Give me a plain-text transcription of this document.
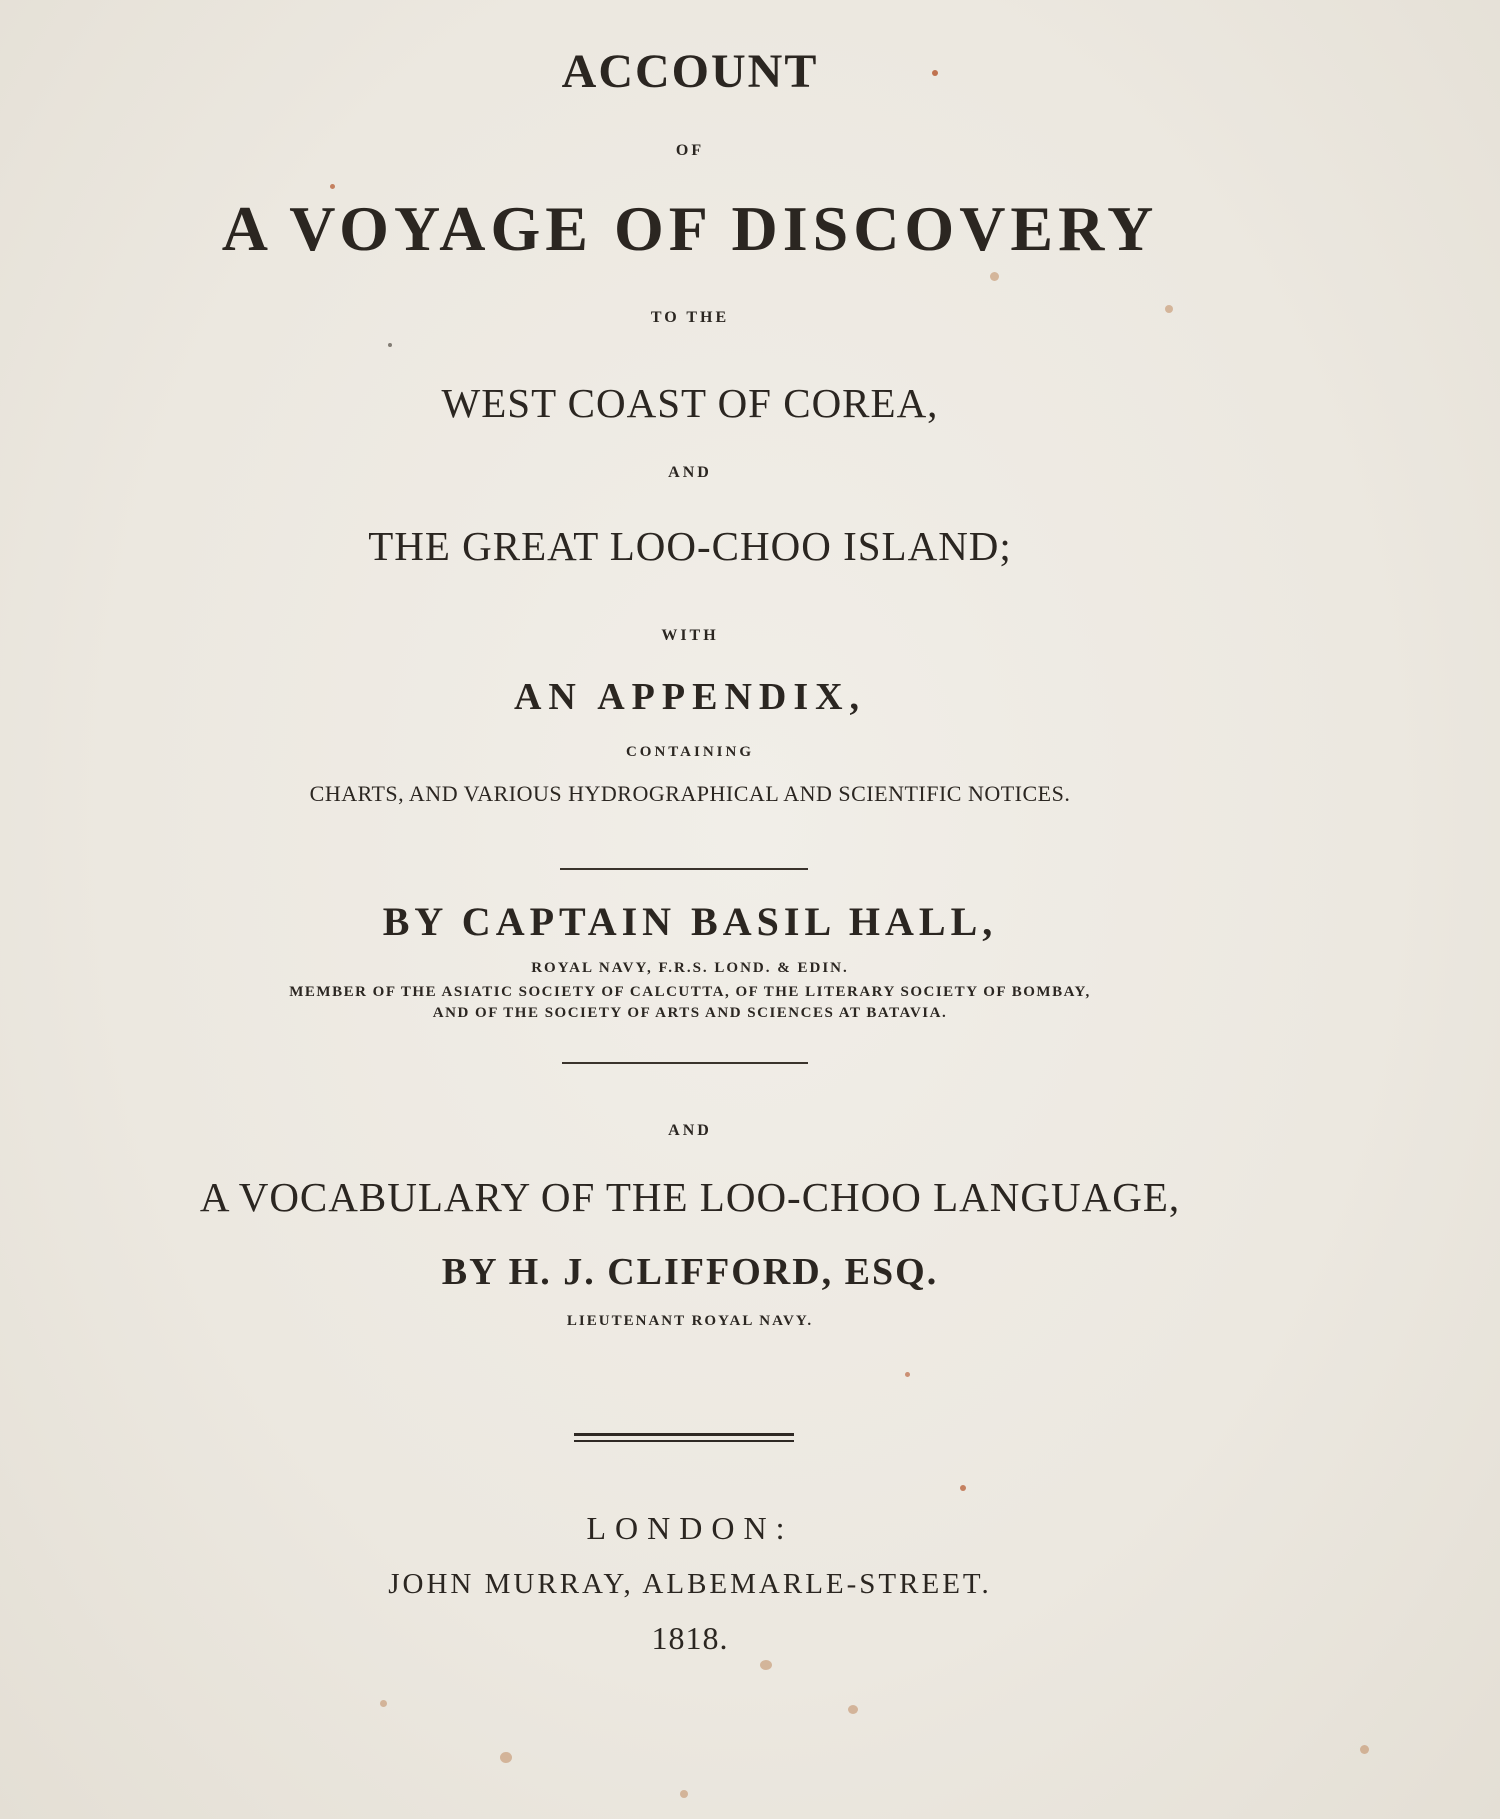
ACCOUNT
OF
A VOYAGE OF DISCOVERY
TO THE
WEST COAST OF COREA,
AND
THE GREAT LOO-CHOO ISLAND;
WITH
AN APPENDIX,
CONTAINING
CHARTS, AND VARIOUS HYDROGRAPHICAL AND SCIENTIFIC NOTICES.
BY CAPTAIN BASIL HALL,
ROYAL NAVY, F.R.S. LOND. & EDIN.
MEMBER OF THE ASIATIC SOCIETY OF CALCUTTA, OF THE LITERARY SOCIETY OF BOMBAY,
AND OF THE SOCIETY OF ARTS AND SCIENCES AT BATAVIA.
AND
A VOCABULARY OF THE LOO-CHOO LANGUAGE,
BY H. J. CLIFFORD, ESQ.
LIEUTENANT ROYAL NAVY.
LONDON:
JOHN MURRAY, ALBEMARLE-STREET.
1818.
